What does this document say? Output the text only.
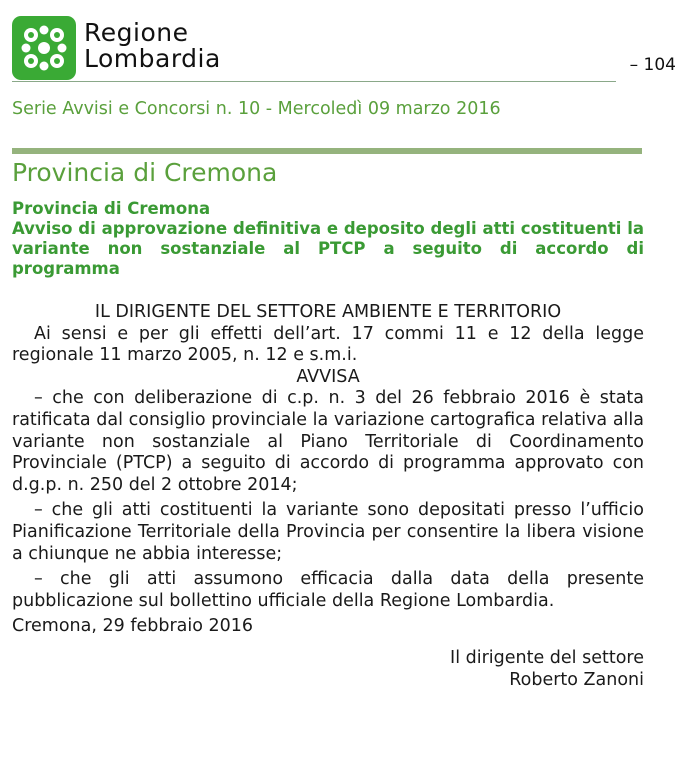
Regione
Lombardia	– 104
Serie Avvisi e Concorsi n. 10 - Mercoledì 09 marzo 2016
Provincia di Cremona
Provincia di Cremona
Avviso di approvazione definitiva e deposito degli atti costituenti la variante non sostanziale al PTCP a seguito di accordo di programma
IL DIRIGENTE DEL SETTORE AMBIENTE E TERRITORIO
Ai sensi e per gli effetti dell’art. 17 commi 11 e 12 della legge regionale 11 marzo 2005, n. 12 e s.m.i.
AVVISA
– che con deliberazione di c.p. n. 3 del 26 febbraio 2016 è stata ratificata dal consiglio provinciale la variazione cartografica relativa alla variante non sostanziale al Piano Territoriale di Coordinamento Provinciale (PTCP) a seguito di accordo di programma approvato con d.g.p. n. 250 del 2 ottobre 2014;
– che gli atti costituenti la variante sono depositati presso l’ufficio Pianificazione Territoriale della Provincia per consentire la libera visione a chiunque ne abbia interesse;
– che gli atti assumono efficacia dalla data della presente pubblicazione sul bollettino ufficiale della Regione Lombardia.
Cremona, 29 febbraio 2016
Il dirigente del settore
Roberto Zanoni
